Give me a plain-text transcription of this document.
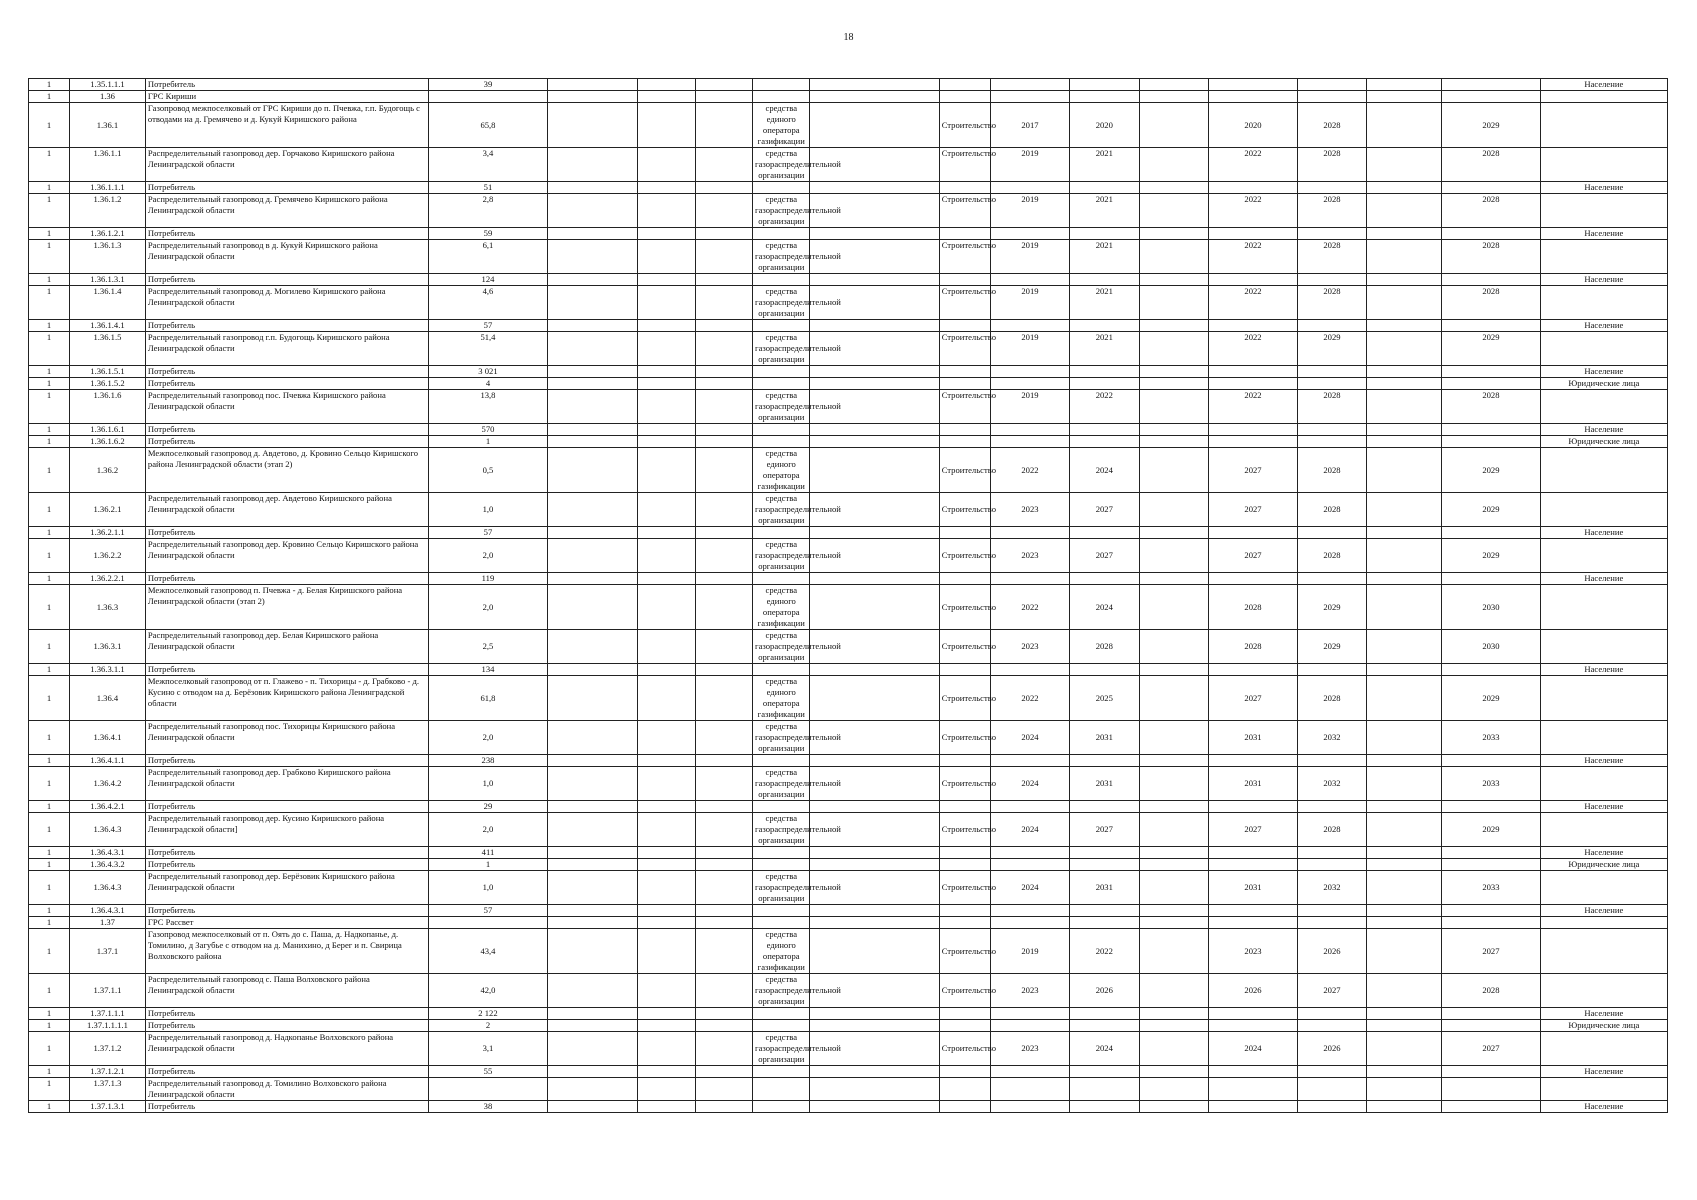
18
1	1.35.1.1.1	Потребитель	39														Население
1	1.36	ГРС Кириши															
1	1.36.1	Газопровод межпоселковый от ГРС Кириши до п. Пчевжа, г.п. Будогощь с отводами на д. Гремячево и д. Кукуй Киришского района	65,8				средства единого оператора газификации		Строительство	2017	2020		2020	2028		2029	
1	1.36.1.1	Распределительный газопровод дер. Горчаково Киришского района Ленинградской области	3,4				средства газораспределительной организации		Строительство	2019	2021		2022	2028		2028	
1	1.36.1.1.1	Потребитель	51														Население
1	1.36.1.2	Распределительный газопровод д. Гремячево Киришского района Ленинградской области	2,8				средства газораспределительной организации		Строительство	2019	2021		2022	2028		2028	
1	1.36.1.2.1	Потребитель	59														Население
1	1.36.1.3	Распределительный газопровод в д. Кукуй Киришского района Ленинградской области	6,1				средства газораспределительной организации		Строительство	2019	2021		2022	2028		2028	
1	1.36.1.3.1	Потребитель	124														Население
1	1.36.1.4	Распределительный газопровод д. Могилево Киришского района Ленинградской области	4,6				средства газораспределительной организации		Строительство	2019	2021		2022	2028		2028	
1	1.36.1.4.1	Потребитель	57														Население
1	1.36.1.5	Распределительный газопровод г.п. Будогощь Киришского района Ленинградской области	51,4				средства газораспределительной организации		Строительство	2019	2021		2022	2029		2029	
1	1.36.1.5.1	Потребитель	3 021														Население
1	1.36.1.5.2	Потребитель	4														Юридические лица
1	1.36.1.6	Распределительный газопровод пос. Пчевжа Киришского района Ленинградской области	13,8				средства газораспределительной организации		Строительство	2019	2022		2022	2028		2028	
1	1.36.1.6.1	Потребитель	570														Население
1	1.36.1.6.2	Потребитель	1														Юридические лица
1	1.36.2	Межпоселковый газопровод д. Авдетово, д. Кровино Сельцо Киришского района Ленинградской области (этап 2)	0,5				средства единого оператора газификации		Строительство	2022	2024		2027	2028		2029	
1	1.36.2.1	Распределительный газопровод дер. Авдетово Киришского района Ленинградской области	1,0				средства газораспределительной организации		Строительство	2023	2027		2027	2028		2029	
1	1.36.2.1.1	Потребитель	57														Население
1	1.36.2.2	Распределительный газопровод дер. Кровино Сельцо Киришского района Ленинградской области	2,0				средства газораспределительной организации		Строительство	2023	2027		2027	2028		2029	
1	1.36.2.2.1	Потребитель	119														Население
1	1.36.3	Межпоселковый газопровод п. Пчевжа - д. Белая Киришского района Ленинградской области (этап 2)	2,0				средства единого оператора газификации		Строительство	2022	2024		2028	2029		2030	
1	1.36.3.1	Распределительный газопровод дер. Белая Киришского района Ленинградской области	2,5				средства газораспределительной организации		Строительство	2023	2028		2028	2029		2030	
1	1.36.3.1.1	Потребитель	134														Население
1	1.36.4	Межпоселковый газопровод от п. Глажево - п. Тихорицы - д. Грабково - д. Кусино с отводом на д. Берёзовик Киришского района Ленинградской области	61,8				средства единого оператора газификации		Строительство	2022	2025		2027	2028		2029	
1	1.36.4.1	Распределительный газопровод пос. Тихорицы Киришского района Ленинградской области	2,0				средства газораспределительной организации		Строительство	2024	2031		2031	2032		2033	
1	1.36.4.1.1	Потребитель	238														Население
1	1.36.4.2	Распределительный газопровод дер. Грабково Киришского района Ленинградской области	1,0				средства газораспределительной организации		Строительство	2024	2031		2031	2032		2033	
1	1.36.4.2.1	Потребитель	29														Население
1	1.36.4.3	Распределительный газопровод дер. Кусино Киришского района Ленинградской области]	2,0				средства газораспределительной организации		Строительство	2024	2027		2027	2028		2029	
1	1.36.4.3.1	Потребитель	411														Население
1	1.36.4.3.2	Потребитель	1														Юридические лица
1	1.36.4.3	Распределительный газопровод дер. Берёзовик Киришского района Ленинградской области	1,0				средства газораспределительной организации		Строительство	2024	2031		2031	2032		2033	
1	1.36.4.3.1	Потребитель	57														Население
1	1.37	ГРС Рассвет															
1	1.37.1	Газопровод межпоселковый от п. Оять до с. Паша, д. Надкопанье, д. Томилино, д Загубье с отводом на д. Манихино, д Берег и п. Свирица Волховского района	43,4				средства единого оператора газификации		Строительство	2019	2022		2023	2026		2027	
1	1.37.1.1	Распределительный газопровод с. Паша Волховского района Ленинградской области	42,0				средства газораспределительной организации		Строительство	2023	2026		2026	2027		2028	
1	1.37.1.1.1	Потребитель	2 122														Население
1	1.37.1.1.1.1	Потребитель	2														Юридические лица
1	1.37.1.2	Распределительный газопровод д. Надкопанье Волховского района Ленинградской области	3,1				средства газораспределительной организации		Строительство	2023	2024		2024	2026		2027	
1	1.37.1.2.1	Потребитель	55														Население
1	1.37.1.3	Распределительный газопровод д. Томилино Волховского района Ленинградской области															
1	1.37.1.3.1	Потребитель	38														Население
